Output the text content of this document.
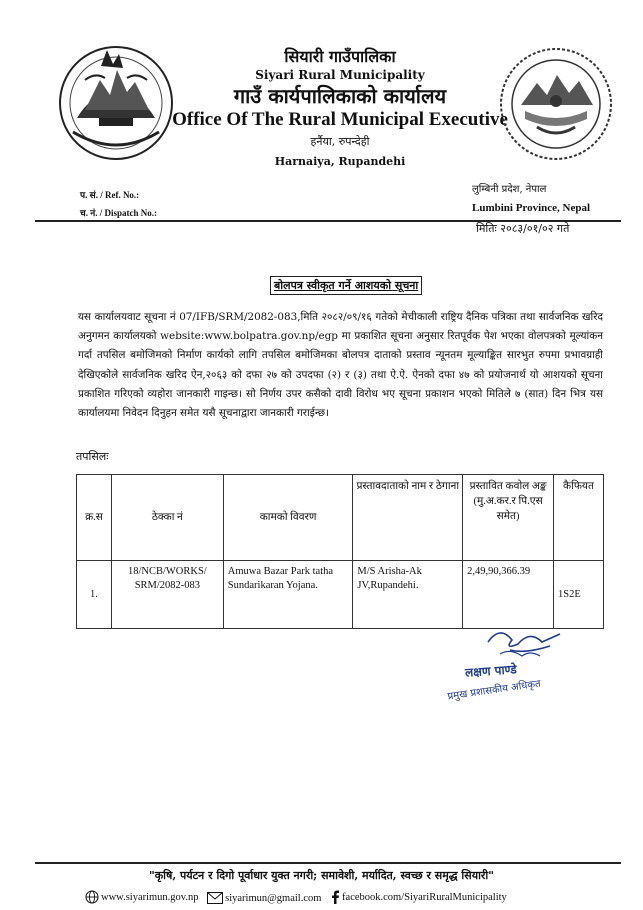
सियारी गाउँपालिका
Siyari Rural Municipality
गाउँ कार्यपालिकाको कार्यालय
Office Of The Rural Municipal Executive
हर्नैया, रुपन्देही
Harnaiya, Rupandehi
प. सं. / Ref. No.:
च. नं. / Dispatch No.:
लुम्बिनी प्रदेश, नेपाल
Lumbini Province, Nepal
मितिः २०८३/०१/०२ गते
बोलपत्र स्वीकृत गर्ने आशयको सूचना
यस कार्यालयवाट सूचना नं 07/IFB/SRM/2082-083,मिति २०८२/०९/१६ गतेको मेचीकाली राष्ट्रिय दैनिक पत्रिका तथा सार्वजनिक खरिद अनुगमन कार्यालयको website:www.bolpatra.gov.np/egp मा प्रकाशित सूचना अनुसार रितपूर्वक पेश भएका वोलपत्रको मूल्यांकन गर्दा तपसिल बमोजिमको निर्माण कार्यको लागि तपसिल बमोजिमका बोलपत्र दाताको प्रस्ताव न्यूनतम मूल्याङ्कित सारभुत रुपमा प्रभावग्राही देखिएकोले सार्वजनिक खरिद ऐन,२०६३ को दफा २७ को उपदफा (२) र (३) तथा ऐ.ऐ. ऐनको दफा ४७ को प्रयोजनार्थ यो आशयको सूचना प्रकाशित गरिएको व्यहोरा जानकारी गाइन्छ। सो निर्णय उपर कसैको दावी विरोध भए सूचना प्रकाशन भएको मितिले ७ (सात) दिन भित्र यस कार्यालयमा निवेदन दिनुहन समेत यसै सूचनाद्वारा जानकारी गराईन्छ।
तपसिलः
क्र.स	ठेक्का नं	कामको विवरण	प्रस्तावदाताको नाम र ठेगाना	प्रस्तावित कवोल अङ्क (मु.अ.कर.र पि.एस समेत)	कैफियत
1.	18/NCB/WORKS/ SRM/2082-083	Amuwa Bazar Park tatha Sundarikaran Yojana.	M/S Arisha-Ak JV,Rupandehi.	2,49,90,366.39	1S2E
लक्षण पाण्डे
प्रमुख प्रशासकीय अधिकृत
"कृषि, पर्यटन र दिगो पूर्वाधार युक्त नगरी; समावेशी, मर्यादित, स्वच्छ र समृद्ध सियारी"
www.siyarimun.gov.np
	siyarimun@gmail.com
facebook.com/SiyariRuralMunicipality
